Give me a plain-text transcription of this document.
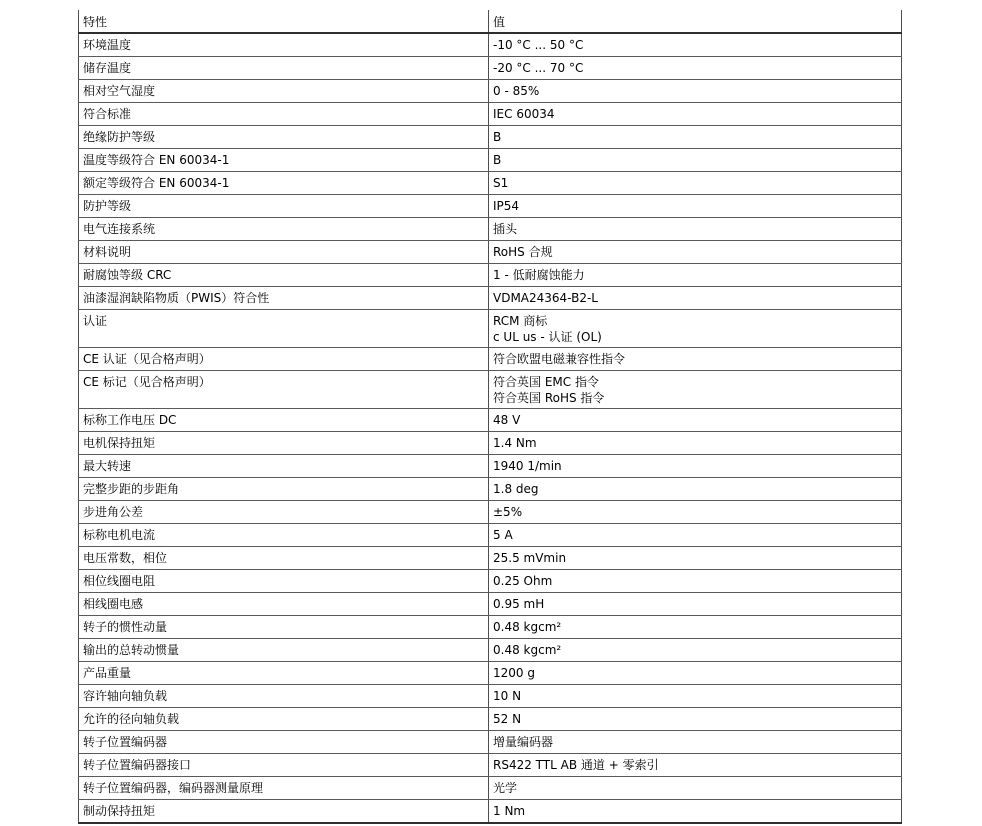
特性	值
环境温度	-10 °C ... 50 °C

储存温度	-20 °C ... 70 °C

相对空气湿度	0 - 85%

符合标准	IEC 60034

绝缘防护等级	B

温度等级符合 EN 60034-1	B

额定等级符合 EN 60034-1	S1

防护等级	IP54

电气连接系统	插头

材料说明	RoHS 合规

耐腐蚀等级 CRC	1 - 低耐腐蚀能力

油漆湿润缺陷物质（PWIS）符合性	VDMA24364-B2-L

认证	RCM 商标
c UL us - 认证 (OL)

CE 认证（见合格声明）	符合欧盟电磁兼容性指令

CE 标记（见合格声明）	符合英国 EMC 指令
符合英国 RoHS 指令

标称工作电压 DC	48 V

电机保持扭矩	1.4 Nm

最大转速	1940 1/min

完整步距的步距角	1.8 deg

步进角公差	±5%

标称电机电流	5 A

电压常数，相位	25.5 mVmin

相位线圈电阻	0.25 Ohm

相线圈电感	0.95 mH

转子的惯性动量	0.48 kgcm²

输出的总转动惯量	0.48 kgcm²

产品重量	1200 g

容许轴向轴负载	10 N

允许的径向轴负载	52 N

转子位置编码器	增量编码器

转子位置编码器接口	RS422 TTL AB 通道 + 零索引

转子位置编码器，编码器测量原理	光学

制动保持扭矩	1 Nm
